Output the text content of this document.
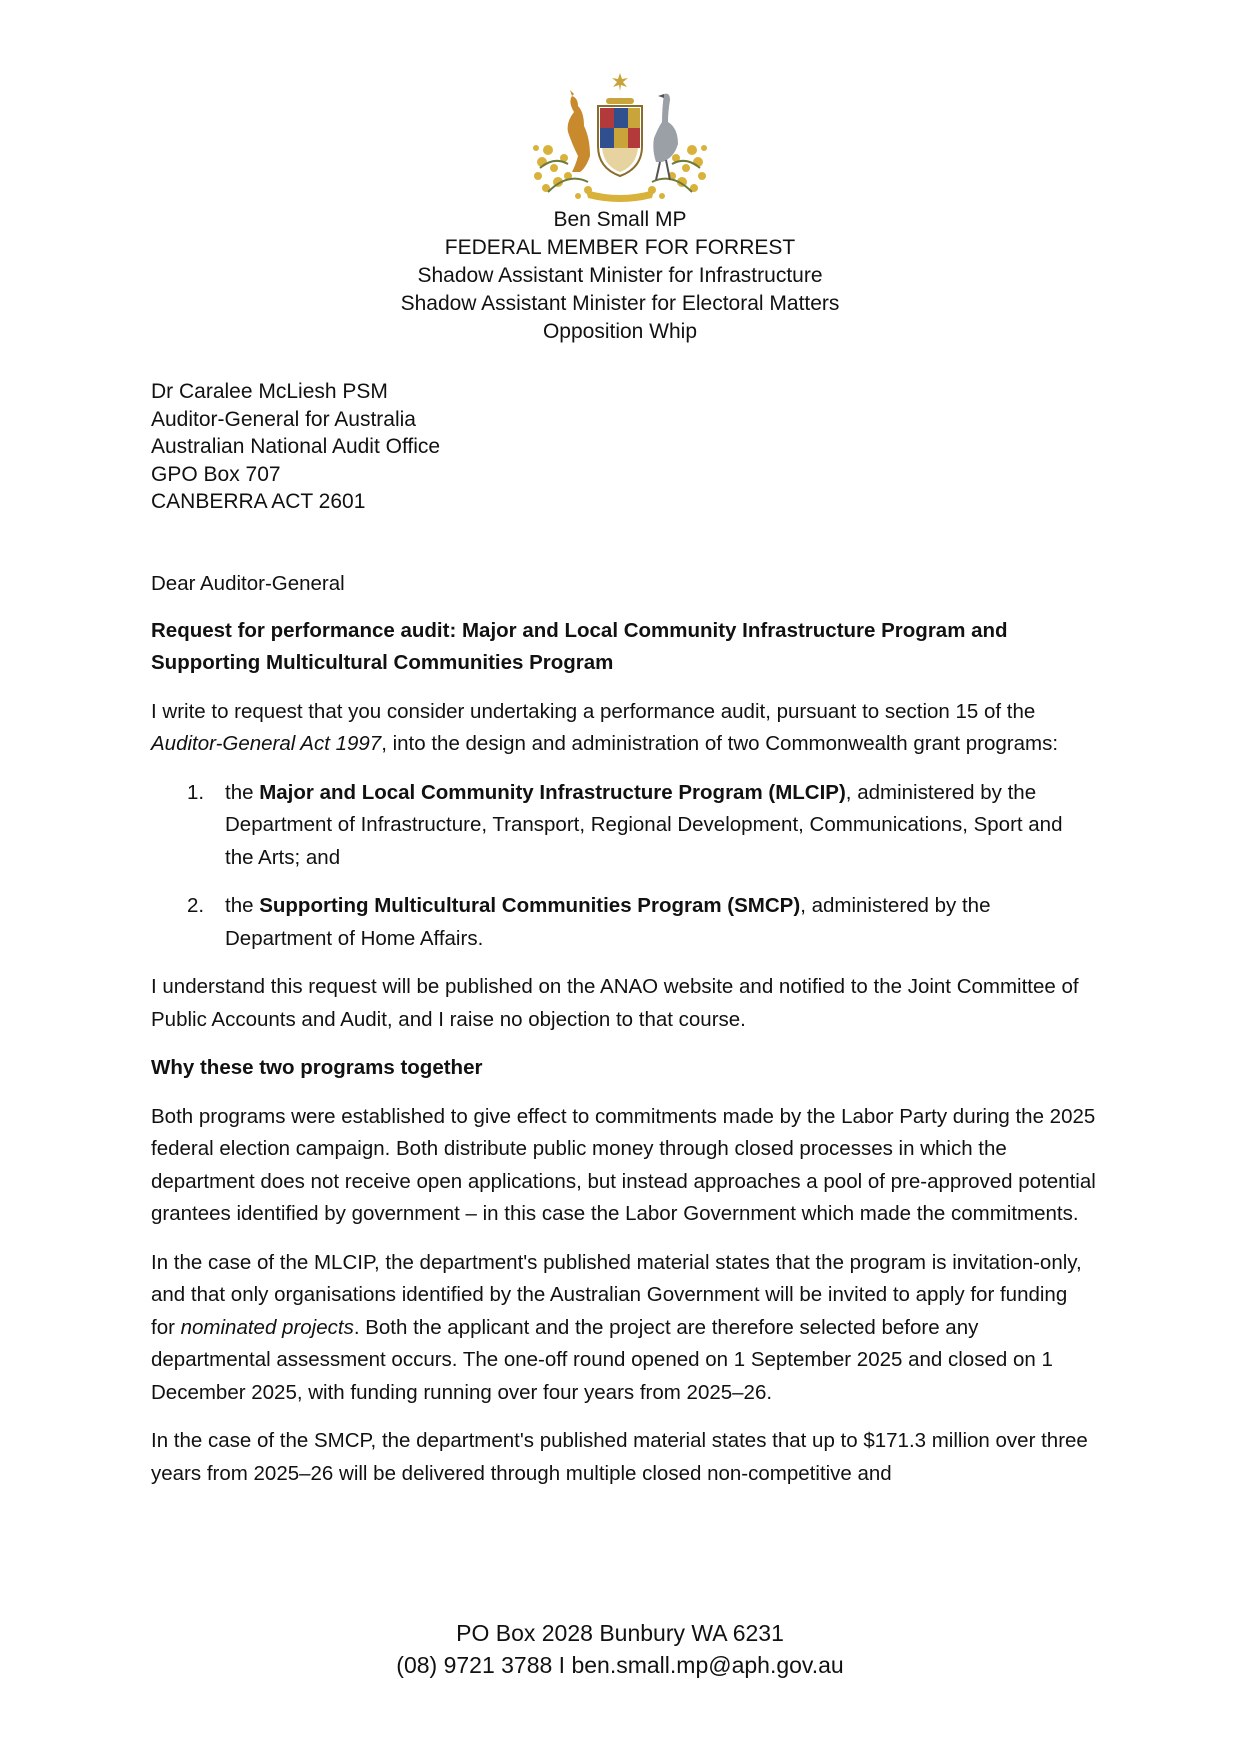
Ben Small MP
FEDERAL MEMBER FOR FORREST
Shadow Assistant Minister for Infrastructure
Shadow Assistant Minister for Electoral Matters
Opposition Whip
Dr Caralee McLiesh PSM
Auditor-General for Australia
Australian National Audit Office
GPO Box 707
CANBERRA ACT 2601

Dear Auditor-General

Request for performance audit: Major and Local Community Infrastructure Program and Supporting Multicultural Communities Program

I write to request that you consider undertaking a performance audit, pursuant to section 15 of the Auditor-General Act 1997, into the design and administration of two Commonwealth grant programs:

1. the Major and Local Community Infrastructure Program (MLCIP), administered by the Department of Infrastructure, Transport, Regional Development, Communications, Sport and the Arts; and
2. the Supporting Multicultural Communities Program (SMCP), administered by the Department of Home Affairs.

I understand this request will be published on the ANAO website and notified to the Joint Committee of Public Accounts and Audit, and I raise no objection to that course.

Why these two programs together

Both programs were established to give effect to commitments made by the Labor Party during the 2025 federal election campaign. Both distribute public money through closed processes in which the department does not receive open applications, but instead approaches a pool of pre-approved potential grantees identified by government – in this case the Labor Government which made the commitments.

In the case of the MLCIP, the department's published material states that the program is invitation-only, and that only organisations identified by the Australian Government will be invited to apply for funding for nominated projects. Both the applicant and the project are therefore selected before any departmental assessment occurs. The one-off round opened on 1 September 2025 and closed on 1 December 2025, with funding running over four years from 2025–26.

In the case of the SMCP, the department's published material states that up to $171.3 million over three years from 2025–26 will be delivered through multiple closed non-competitive and

PO Box 2028 Bunbury WA 6231
(08) 9721 3788 I ben.small.mp@aph.gov.au
